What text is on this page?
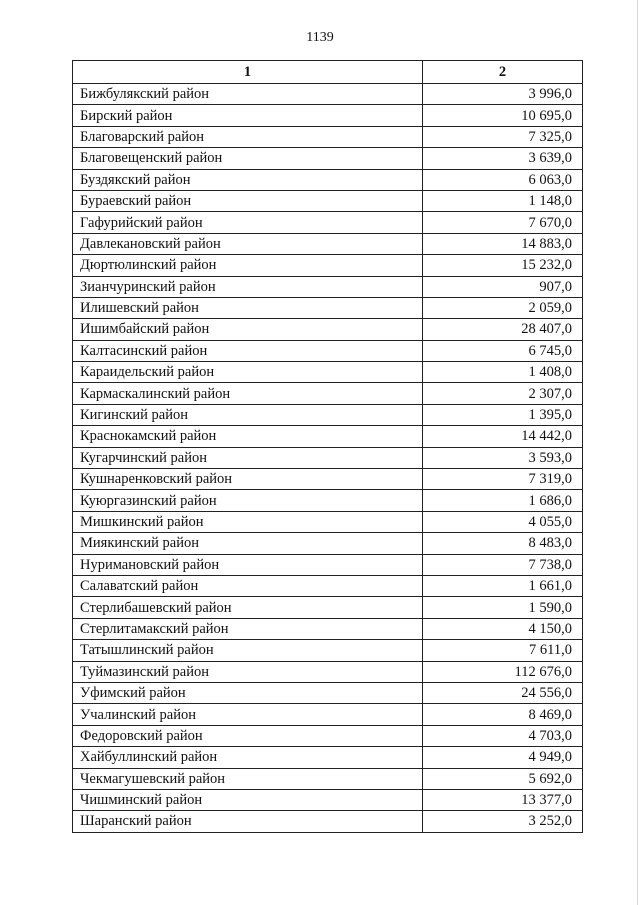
1139
1	2
Бижбулякский район	3 996,0
Бирский район	10 695,0
Благоварский район	7 325,0
Благовещенский район	3 639,0
Буздякский район	6 063,0
Бураевский район	1 148,0
Гафурийский район	7 670,0
Давлекановский район	14 883,0
Дюртюлинский район	15 232,0
Зианчуринский район	907,0
Илишевский район	2 059,0
Ишимбайский район	28 407,0
Калтасинский район	6 745,0
Караидельский район	1 408,0
Кармаскалинский район	2 307,0
Кигинский район	1 395,0
Краснокамский район	14 442,0
Кугарчинский район	3 593,0
Кушнаренковский район	7 319,0
Куюргазинский район	1 686,0
Мишкинский район	4 055,0
Миякинский район	8 483,0
Нуримановский район	7 738,0
Салаватский район	1 661,0
Стерлибашевский район	1 590,0
Стерлитамакский район	4 150,0
Татышлинский район	7 611,0
Туймазинский район	112 676,0
Уфимский район	24 556,0
Учалинский район	8 469,0
Федоровский район	4 703,0
Хайбуллинский район	4 949,0
Чекмагушевский район	5 692,0
Чишминский район	13 377,0
Шаранский район	3 252,0
